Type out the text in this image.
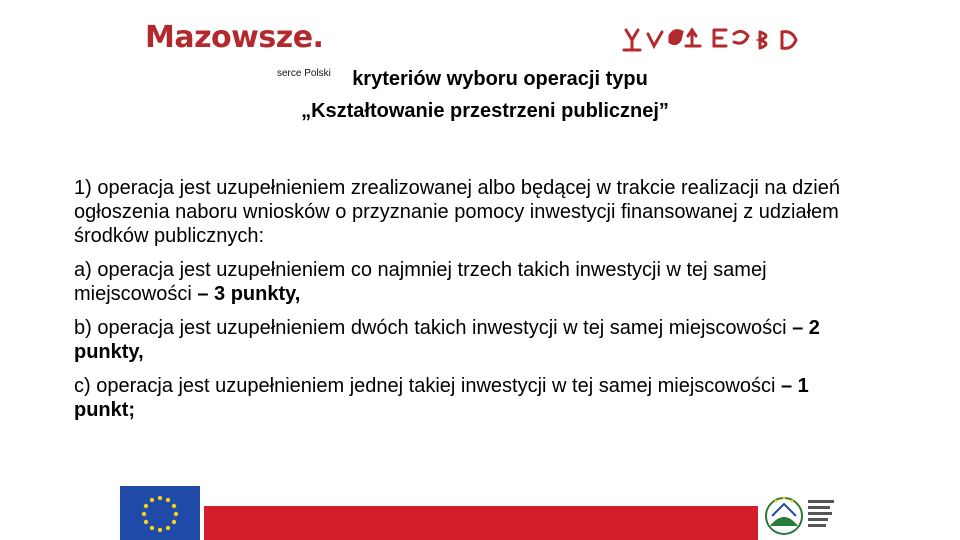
Mazowsze.
serce Polski	kryteriów wyboru operacji typu
„Kształtowanie przestrzeni publicznej”

1) operacja jest uzupełnieniem zrealizowanej albo będącej w trakcie realizacji na dzień ogłoszenia naboru wniosków o przyznanie pomocy inwestycji finansowanej z udziałem środków publicznych:

a) operacja jest uzupełnieniem co najmniej trzech takich inwestycji w tej samej miejscowości – 3 punkty,

b) operacja jest uzupełnieniem dwóch takich inwestycji w tej samej miejscowości – 2 punkty,

c) operacja jest uzupełnieniem jednej takiej inwestycji w tej samej miejscowości – 1 punkt;
